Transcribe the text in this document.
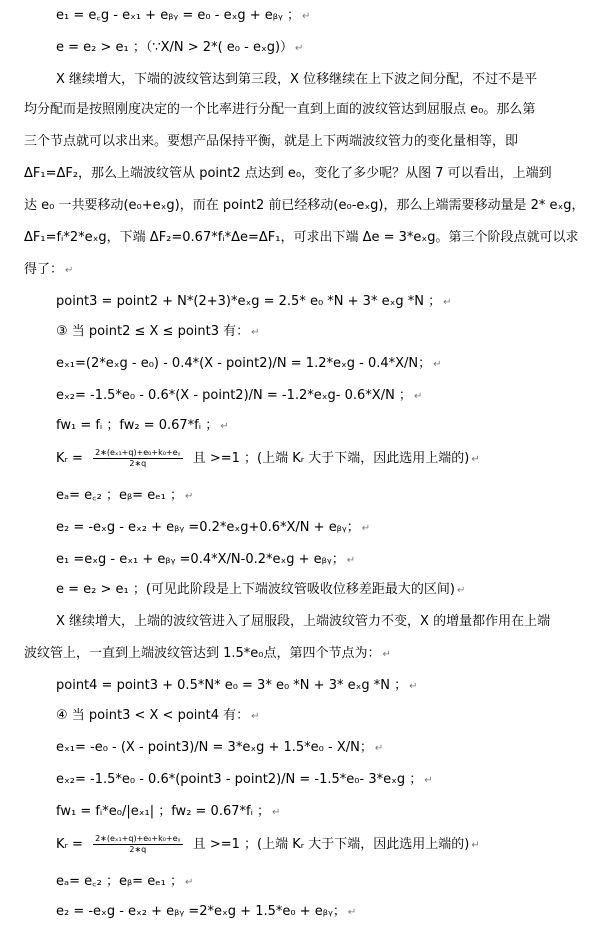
e₁ = e꜀g - eₓ₁ + eᵦᵧ = e₀ - eₓg + eᵦᵧ ； ↵
e = e₂ > e₁ ；（∵X/N > 2*( e₀ - eₓg)） ↵
X 继续增大，下端的波纹管达到第三段，X 位移继续在上下波之间分配，不过不是平
均分配而是按照刚度决定的一个比率进行分配一直到上面的波纹管达到屈服点 e₀。那么第
三个节点就可以求出来。要想产品保持平衡，就是上下两端波纹管力的变化量相等，即
ΔF₁=ΔF₂，那么上端波纹管从 point2 点达到 e₀，变化了多少呢？从图 7 可以看出，上端到
达 e₀ 一共要移动(e₀+eₓg)，而在 point2 前已经移动(e₀-eₓg)，那么上端需要移动量是 2* eₓg，
ΔF₁=fᵢ*2*eₓg，下端 ΔF₂=0.67*fᵢ*Δe=ΔF₁，可求出下端 Δe = 3*eₓg。第三个阶段点就可以求
得了： ↵
point3 = point2 + N*(2+3)*eₓg = 2.5* e₀ *N + 3* eₓg *N ； ↵
③ 当 point2 ≤ X ≤ point3 有： ↵
eₓ₁=(2*eₓg - e₀) - 0.4*(X - point2)/N = 1.2*eₓg - 0.4*X/N； ↵
eₓ₂= -1.5*e₀ - 0.6*(X - point2)/N = -1.2*eₓg- 0.6*X/N ； ↵
fw₁ = fᵢ ；fw₂ = 0.67*fᵢ ； ↵
Kᵣ = $\frac{\text{2∗(eₓ₁+q)+e₀+k₀+eᵧ}}{2∗q}$ 且 >=1 ；(上端 Kᵣ 大于下端，因此选用上端的) ↵
eₐ= e꜀₂ ；eᵦ= eₑ₁ ； ↵
e₂ = -eₓg - eₓ₂ + eᵦᵧ =0.2*eₓg+0.6*X/N + eᵦᵧ； ↵
e₁ =eₓg - eₓ₁ + eᵦᵧ =0.4*X/N-0.2*eₓg + eᵦᵧ； ↵
e = e₂ > e₁ ；(可见此阶段是上下端波纹管吸收位移差距最大的区间) ↵
X 继续增大，上端的波纹管进入了屈服段，上端波纹管力不变，X 的增量都作用在上端
波纹管上，一直到上端波纹管达到 1.5*e₀点，第四个节点为： ↵
point4 = point3 + 0.5*N* e₀ = 3* e₀ *N + 3* eₓg *N ； ↵
④ 当 point3 < X < point4 有： ↵
eₓ₁= -e₀ - (X - point3)/N = 3*eₓg + 1.5*e₀ - X/N； ↵
eₓ₂= -1.5*e₀ - 0.6*(point3 - point2)/N = -1.5*e₀- 3*eₓg ； ↵
fw₁ = fᵢ*e₀/|eₓ₁| ；fw₂ = 0.67*fᵢ ； ↵
Kᵣ = $\frac{\text{2∗(eₓ₁+q)+e₀+k₀+eᵧ}}{2∗q}$ 且 >=1 ；(上端 Kᵣ 大于下端，因此选用上端的) ↵
eₐ= e꜀₂ ；eᵦ= eₑ₁ ； ↵
e₂ = -eₓg - eₓ₂ + eᵦᵧ =2*eₓg + 1.5*e₀ + eᵦᵧ； ↵
